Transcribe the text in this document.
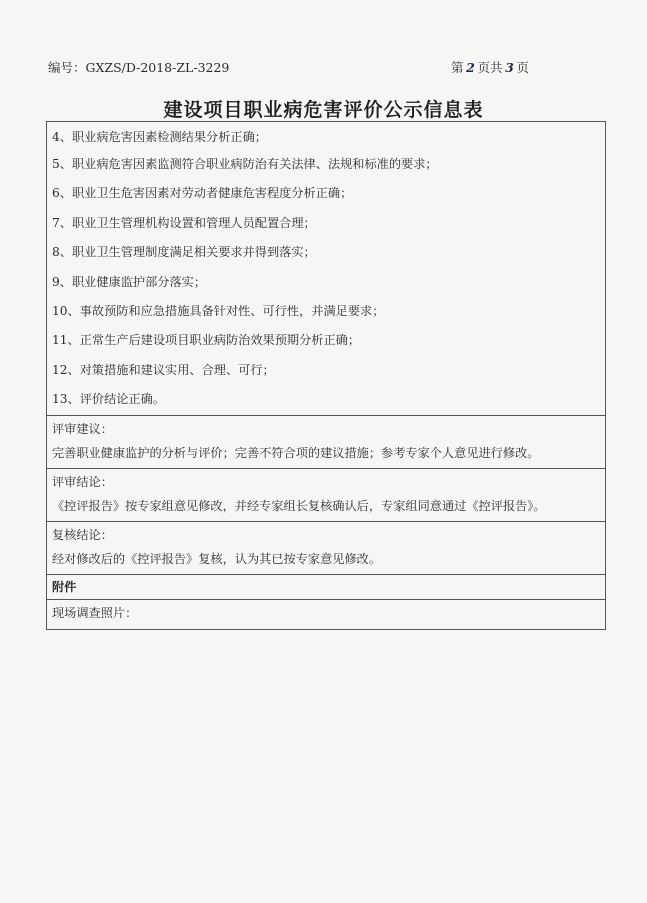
编号：GXZS/D-2018-ZL-3229	第 2 页共 3 页
建设项目职业病危害评价公示信息表
4、职业病危害因素检测结果分析正确；
5、职业病危害因素监测符合职业病防治有关法律、法规和标准的要求；
6、职业卫生危害因素对劳动者健康危害程度分析正确；
7、职业卫生管理机构设置和管理人员配置合理；
8、职业卫生管理制度满足相关要求并得到落实；
9、职业健康监护部分落实；
10、事故预防和应急措施具备针对性、可行性，并满足要求；
11、正常生产后建设项目职业病防治效果预期分析正确；
12、对策措施和建议实用、合理、可行；
13、评价结论正确。
评审建议：
完善职业健康监护的分析与评价；完善不符合项的建议措施；参考专家个人意见进行修改。
评审结论：
《控评报告》按专家组意见修改，并经专家组长复核确认后，专家组同意通过《控评报告》。
复核结论：
经对修改后的《控评报告》复核，认为其已按专家意见修改。
附件
现场调查照片：
